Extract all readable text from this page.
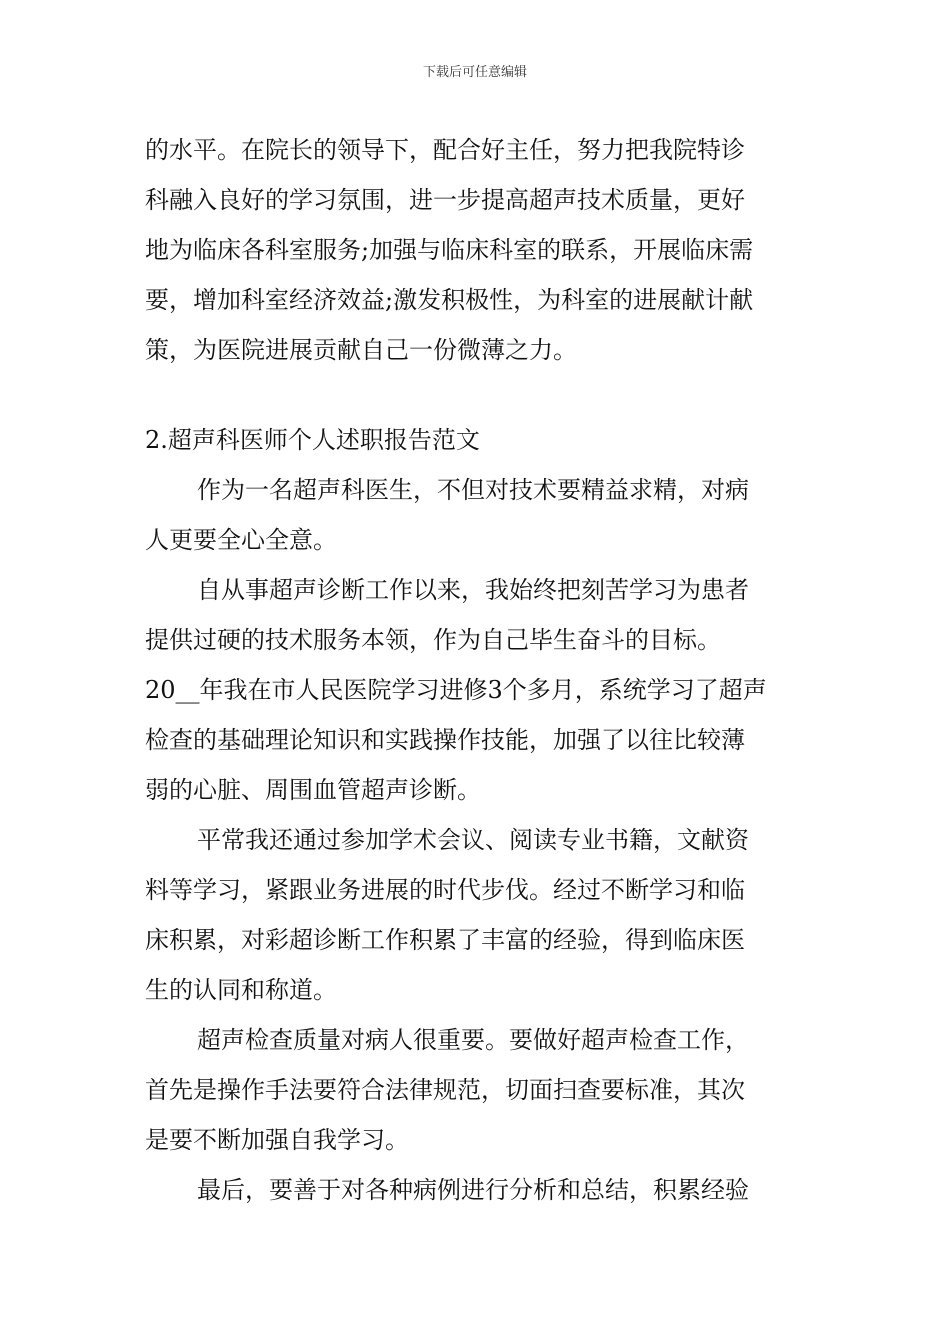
下载后可任意编辑

的水平。在院长的领导下，配合好主任，努力把我院特诊

科融入良好的学习氛围，进一步提高超声技术质量，更好

地为临床各科室服务;加强与临床科室的联系，开展临床需

要，增加科室经济效益;激发积极性，为科室的进展献计献

策，为医院进展贡献自己一份微薄之力。

2.超声科医师个人述职报告范文

作为一名超声科医生，不但对技术要精益求精，对病

人更要全心全意。

自从事超声诊断工作以来，我始终把刻苦学习为患者

提供过硬的技术服务本领，作为自己毕生奋斗的目标。

20__年我在市人民医院学习进修3个多月，系统学习了超声

检查的基础理论知识和实践操作技能，加强了以往比较薄

弱的心脏、周围血管超声诊断。

平常我还通过参加学术会议、阅读专业书籍，文献资

料等学习，紧跟业务进展的时代步伐。经过不断学习和临

床积累，对彩超诊断工作积累了丰富的经验，得到临床医

生的认同和称道。

超声检查质量对病人很重要。要做好超声检查工作，

首先是操作手法要符合法律规范，切面扫查要标准，其次

是要不断加强自我学习。

最后，要善于对各种病例进行分析和总结，积累经验
